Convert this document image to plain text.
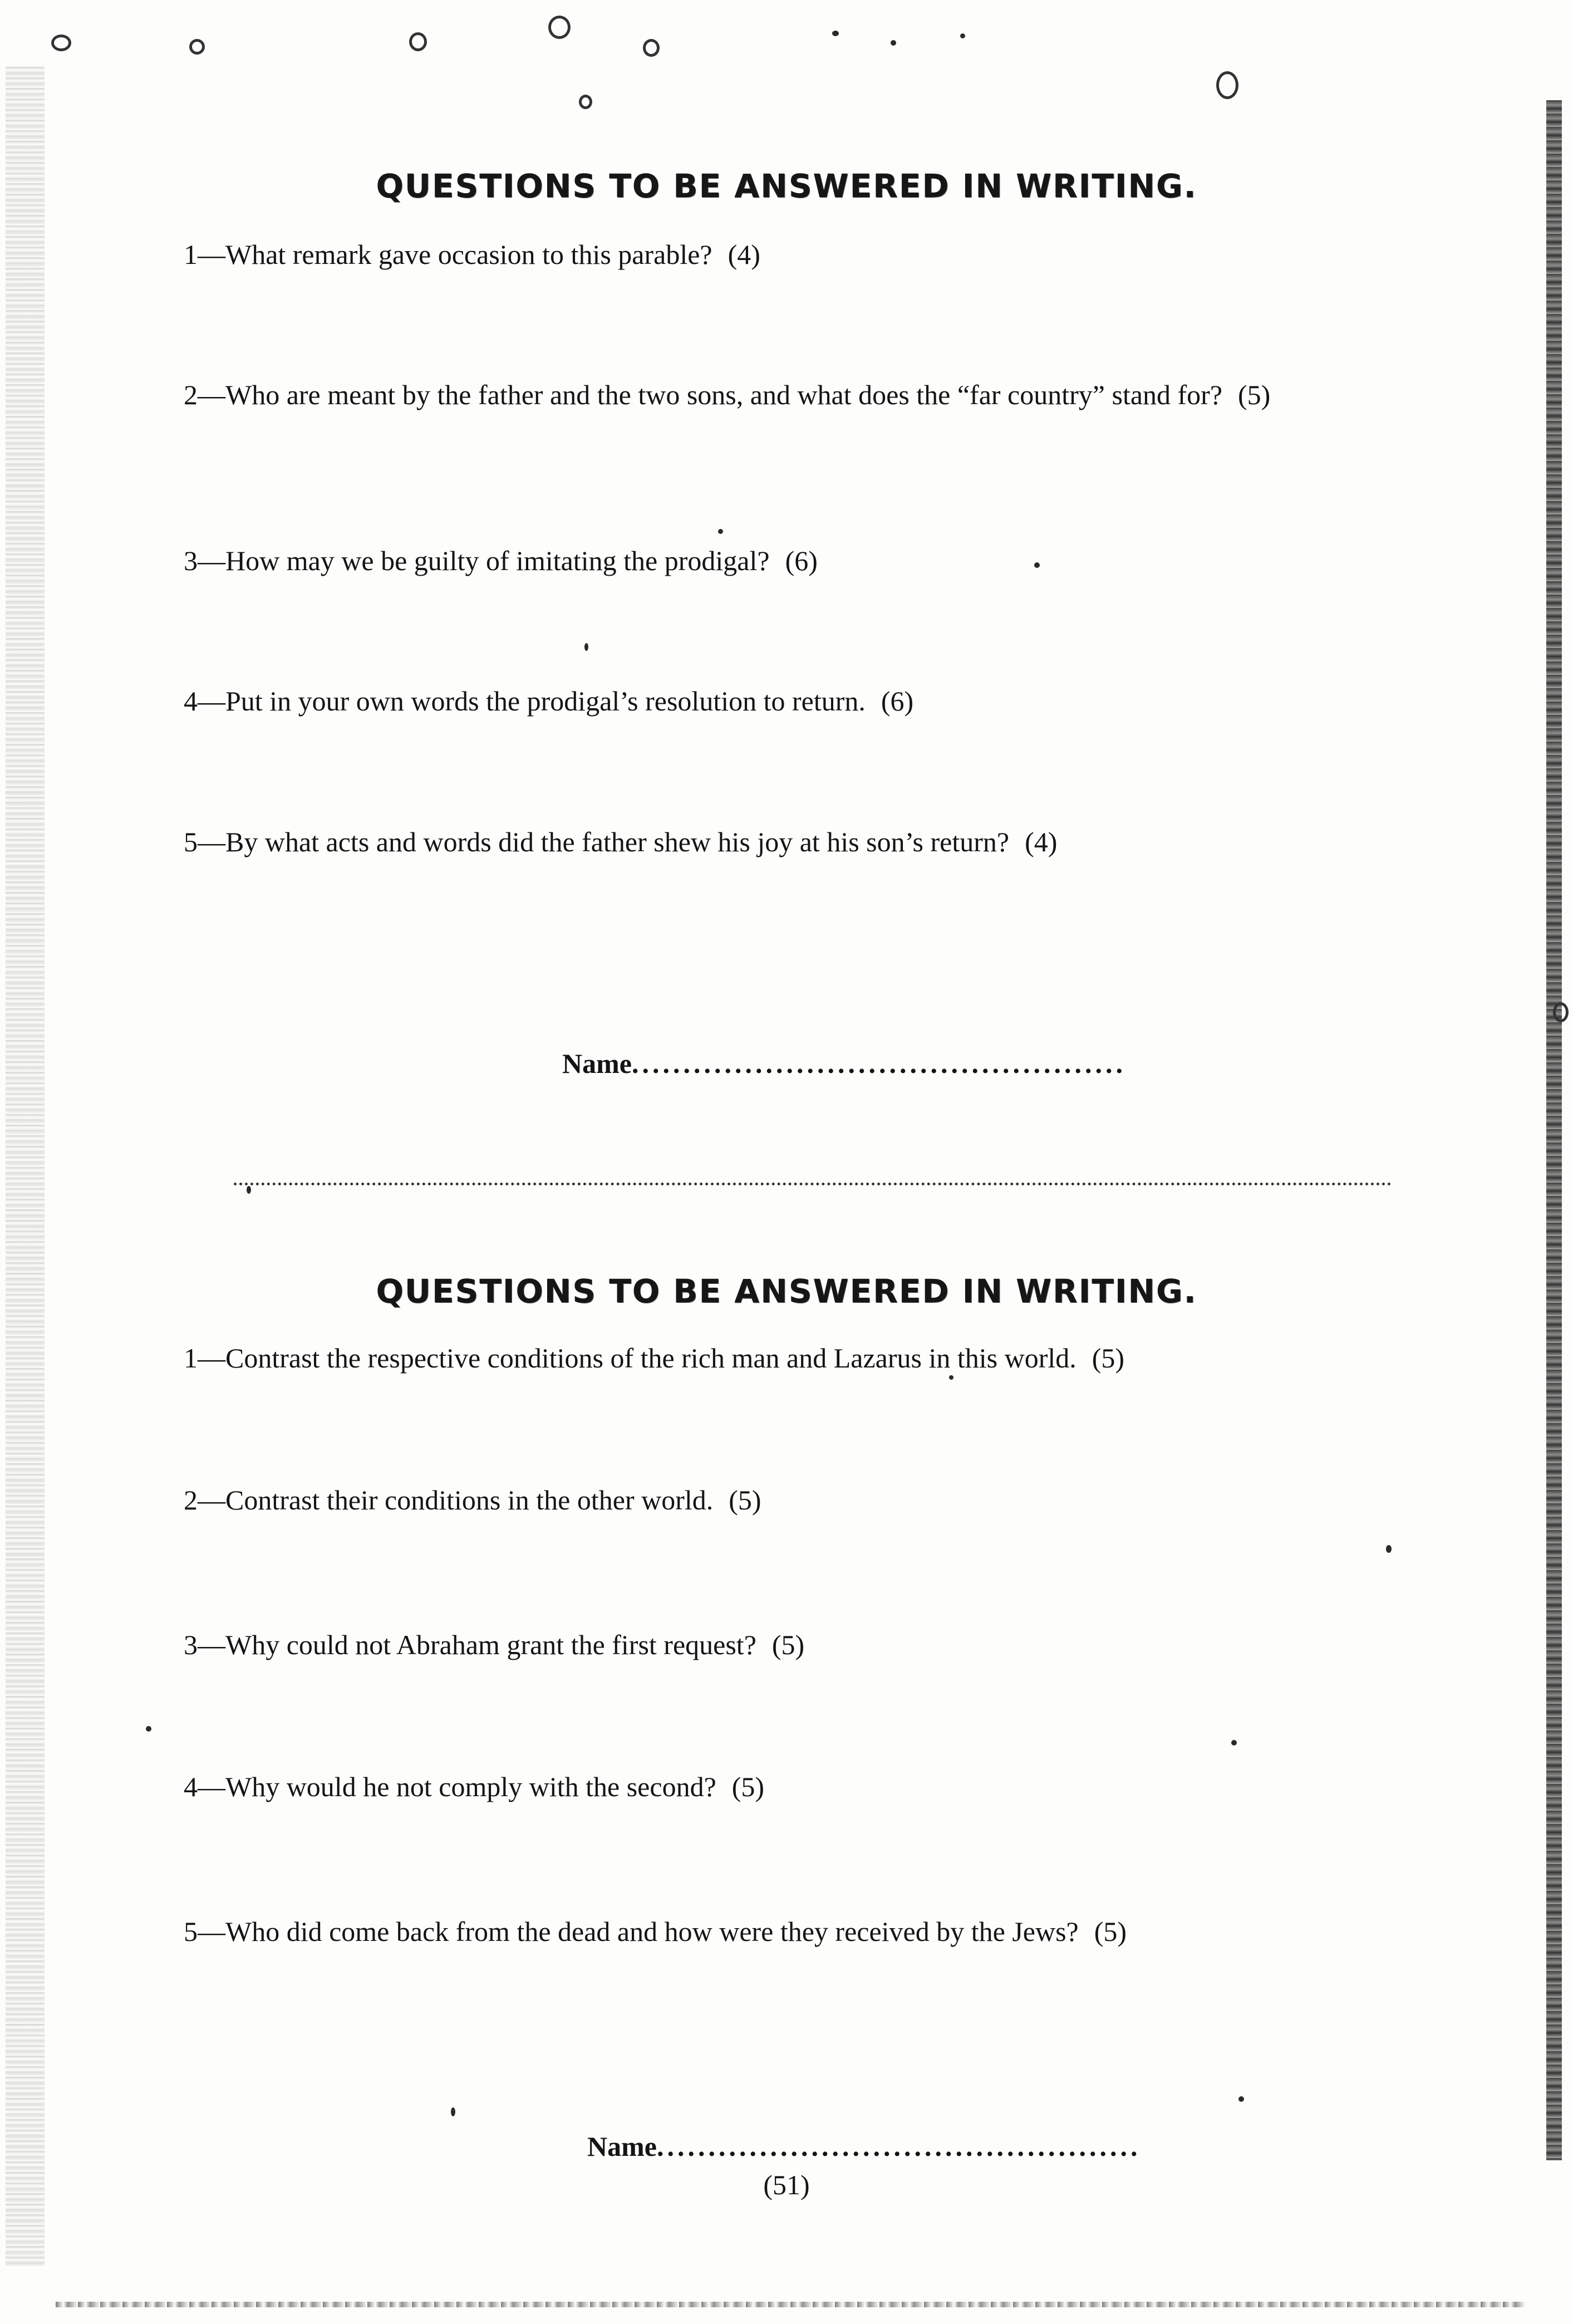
QUESTIONS TO BE ANSWERED IN WRITING.
1—What remark gave occasion to this parable? (4)
2—Who are meant by the father and the two sons, and what does the “far country” stand for? (5)
3—How may we be guilty of imitating the prodigal? (6)
4—Put in your own words the prodigal’s resolution to return. (6)
5—By what acts and words did the father shew his joy at his son’s return? (4)
Name................................................
QUESTIONS TO BE ANSWERED IN WRITING.
1—Contrast the respective conditions of the rich man and Lazarus in this world. (5)
2—Contrast their conditions in the other world. (5)
3—Why could not Abraham grant the first request? (5)
4—Why would he not comply with the second? (5)
5—Who did come back from the dead and how were they received by the Jews? (5)
Name...............................................
(51)
